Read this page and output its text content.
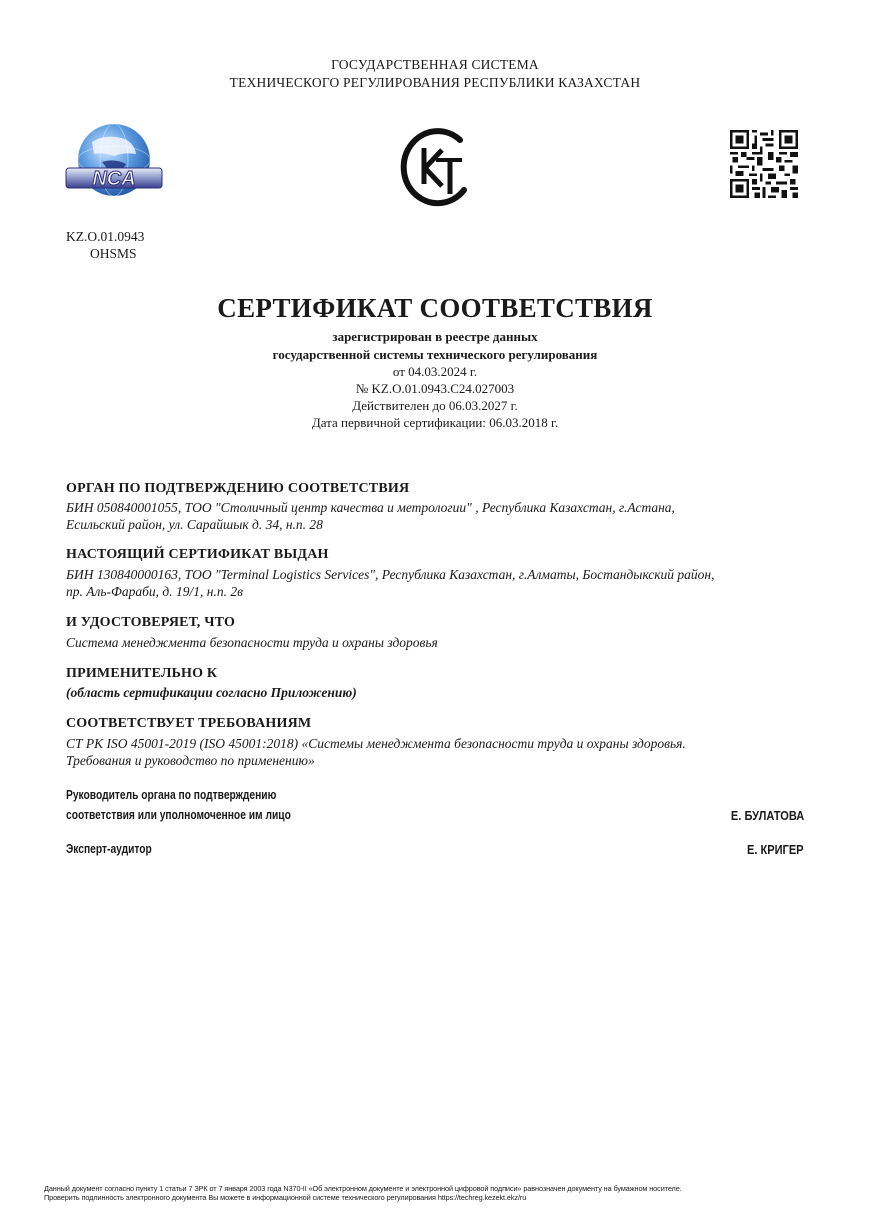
ГОСУДАРСТВЕННАЯ СИСТЕМА
ТЕХНИЧЕСКОГО РЕГУЛИРОВАНИЯ РЕСПУБЛИКИ КАЗАХСТАН
NCA
KZ.O.01.0943
OHSMS
СЕРТИФИКАТ СООТВЕТСТВИЯ
зарегистрирован в реестре данных
государственной системы технического регулирования
от 04.03.2024 г.
№ KZ.O.01.0943.C24.027003
Действителен до 06.03.2027 г.
Дата первичной сертификации: 06.03.2018 г.
ОРГАН ПО ПОДТВЕРЖДЕНИЮ СООТВЕТСТВИЯ
БИН 050840001055, ТОО "Столичный центр качества и метрологии" , Республика Казахстан, г.Астана,
Есильский район, ул. Сарайшык д. 34, н.п. 28
НАСТОЯЩИЙ СЕРТИФИКАТ ВЫДАН
БИН 130840000163, ТОО "Terminal Logistics Services", Республика Казахстан, г.Алматы, Бостандыкский район,
пр. Аль-Фараби, д. 19/1, н.п. 2в
И УДОСТОВЕРЯЕТ, ЧТО
Система менеджмента безопасности труда и охраны здоровья
ПРИМЕНИТЕЛЬНО К
(область сертификации согласно Приложению)
СООТВЕТСТВУЕТ ТРЕБОВАНИЯМ
СТ РК ISO 45001-2019 (ISO 45001:2018) «Системы менеджмента безопасности труда и охраны здоровья.
Требования и руководство по применению»
Руководитель органа по подтверждению
соответствия или уполномоченное им лицо	Е. БУЛАТОВА
Эксперт-аудитор	Е. КРИГЕР
Данный документ согласно пункту 1 статьи 7 ЗРК от 7 января 2003 года N370-II «Об электронном документе и электронной цифровой подписи» равнозначен документу на бумажном носителе.
Проверить подлинность электронного документа Вы можете в информационной системе технического регулирования https://techreg.kezekt.ekz/ru
